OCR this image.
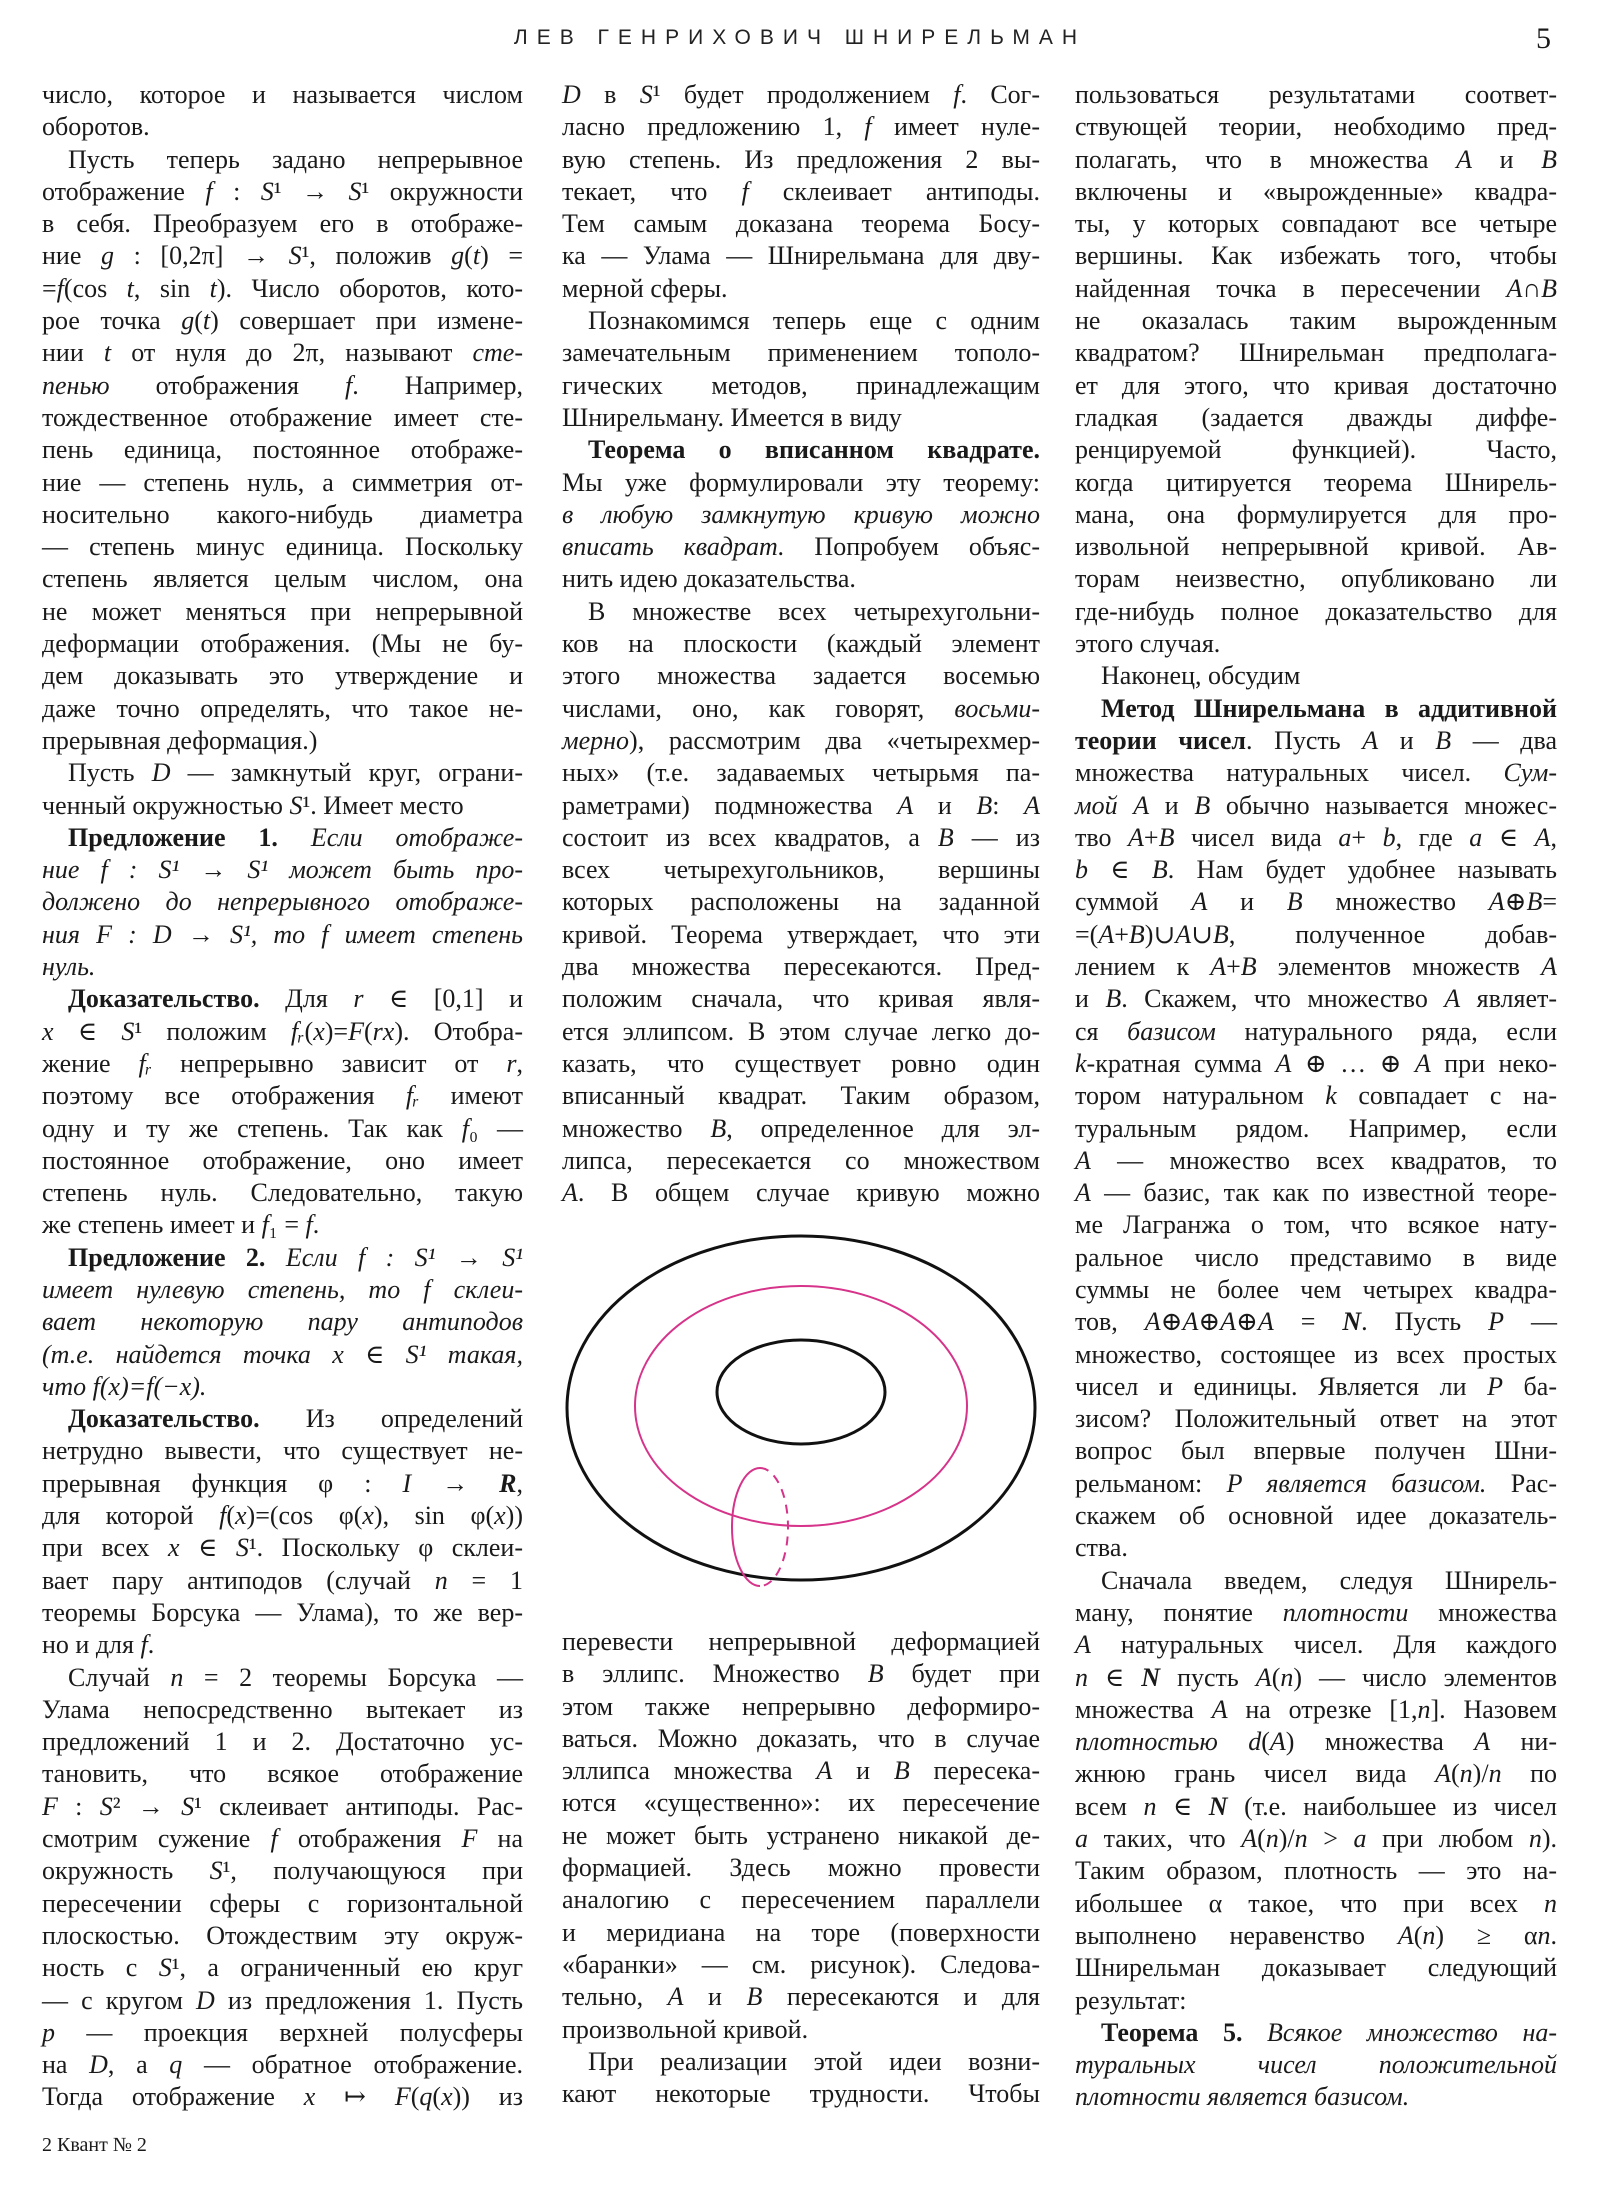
ЛЕВ ГЕНРИХОВИЧ ШНИРЕЛЬМАН	5
число, которое и называется числом
оборотов.
Пусть теперь задано непрерывное
отображение f : S¹ → S¹ окружности
в себя. Преобразуем его в отображе-
ние g : [0,2π] → S¹, положив g(t) =
=f(cos t, sin t). Число оборотов, кото-
рое точка g(t) совершает при измене-
нии t от нуля до 2π, называют сте-
пенью отображения f. Например,
тождественное отображение имеет сте-
пень единица, постоянное отображе-
ние — степень нуль, а симметрия от-
носительно какого-нибудь диаметра
— степень минус единица. Поскольку
степень является целым числом, она
не может меняться при непрерывной
деформации отображения. (Мы не бу-
дем доказывать это утверждение и
даже точно определять, что такое не-
прерывная деформация.)
Пусть D — замкнутый круг, ограни-
ченный окружностью S¹. Имеет место
Предложение 1. Если отображе-
ние f : S¹ → S¹ может быть про-
должено до непрерывного отображе-
ния F : D → S¹, то f имеет степень
нуль.
Доказательство. Для r ∈ [0,1] и
x ∈ S¹ положим fᵣ(x)=F(rx). Отобра-
жение fᵣ непрерывно зависит от r,
поэтому все отображения fᵣ имеют
одну и ту же степень. Так как f₀ —
постоянное отображение, оно имеет
степень нуль. Следовательно, такую
же степень имеет и f₁ = f.
Предложение 2. Если f : S¹ → S¹
имеет нулевую степень, то f склеи-
вает некоторую пару антиподов
(т.е. найдется точка x ∈ S¹ такая,
что f(x)=f(−x).
Доказательство. Из определений
нетрудно вывести, что существует не-
прерывная функция φ : I → R,
для которой f(x)=(cos φ(x), sin φ(x))
при всех x ∈ S¹. Поскольку φ склеи-
вает пару антиподов (случай n = 1
теоремы Борсука — Улама), то же вер-
но и для f.
Случай n = 2 теоремы Борсука —
Улама непосредственно вытекает из
предложений 1 и 2. Достаточно ус-
тановить, что всякое отображение
F : S² → S¹ склеивает антиподы. Рас-
смотрим сужение f отображения F на
окружность S¹, получающуюся при
пересечении сферы с горизонтальной
плоскостью. Отождествим эту окруж-
ность с S¹, а ограниченный ею круг
— с кругом D из предложения 1. Пусть
p — проекция верхней полусферы
на D, а q — обратное отображение.
Тогда отображение x ↦ F(q(x)) из
D в S¹ будет продолжением f. Сог-
ласно предложению 1, f имеет нуле-
вую степень. Из предложения 2 вы-
текает, что f склеивает антиподы.
Тем самым доказана теорема Босу-
ка — Улама — Шнирельмана для дву-
мерной сферы.
Познакомимся теперь еще с одним
замечательным применением тополо-
гических методов, принадлежащим
Шнирельману. Имеется в виду
Теорема о вписанном квадрате.
Мы уже формулировали эту теорему:
в любую замкнутую кривую можно
вписать квадрат. Попробуем объяс-
нить идею доказательства.
В множестве всех четырехугольни-
ков на плоскости (каждый элемент
этого множества задается восемью
числами, оно, как говорят, восьми-
мерно), рассмотрим два «четырехмер-
ных» (т.е. задаваемых четырьмя па-
раметрами) подмножества A и B: A
состоит из всех квадратов, а B — из
всех четырехугольников, вершины
которых расположены на заданной
кривой. Теорема утверждает, что эти
два множества пересекаются. Пред-
положим сначала, что кривая явля-
ется эллипсом. В этом случае легко до-
казать, что существует ровно один
вписанный квадрат. Таким образом,
множество B, определенное для эл-
липса, пересекается со множеством
A. В общем случае кривую можно
перевести непрерывной деформацией
в эллипс. Множество B будет при
этом также непрерывно деформиро-
ваться. Можно доказать, что в случае
эллипса множества A и B пересека-
ются «существенно»: их пересечение
не может быть устранено никакой де-
формацией. Здесь можно провести
аналогию с пересечением параллели
и меридиана на торе (поверхности
«баранки» — см. рисунок). Следова-
тельно, A и B пересекаются и для
произвольной кривой.
При реализации этой идеи возни-
кают некоторые трудности. Чтобы
пользоваться результатами соответ-
ствующей теории, необходимо пред-
полагать, что в множества A и B
включены и «вырожденные» квадра-
ты, у которых совпадают все четыре
вершины. Как избежать того, чтобы
найденная точка в пересечении A∩B
не оказалась таким вырожденным
квадратом? Шнирельман предполага-
ет для этого, что кривая достаточно
гладкая (задается дважды диффе-
ренцируемой функцией). Часто,
когда цитируется теорема Шнирель-
мана, она формулируется для про-
извольной непрерывной кривой. Ав-
торам неизвестно, опубликовано ли
где-нибудь полное доказательство для
этого случая.
Наконец, обсудим
Метод Шнирельмана в аддитивной
теории чисел. Пусть A и B — два
множества натуральных чисел. Сум-
мой A и B обычно называется множес-
тво A+B чисел вида a+ b, где a ∈ A,
b ∈ B. Нам будет удобнее называть
суммой A и B множество A⊕B=
=(A+B)∪A∪B, полученное добав-
лением к A+B элементов множеств A
и B. Скажем, что множество A являет-
ся базисом натурального ряда, если
k-кратная сумма A ⊕ … ⊕ A при неко-
тором натуральном k совпадает с на-
туральным рядом. Например, если
A — множество всех квадратов, то
A — базис, так как по известной теоре-
ме Лагранжа о том, что всякое нату-
ральное число представимо в виде
суммы не более чем четырех квадра-
тов, A⊕A⊕A⊕A = N. Пусть P —
множество, состоящее из всех простых
чисел и единицы. Является ли P ба-
зисом? Положительный ответ на этот
вопрос был впервые получен Шни-
рельманом: P является базисом. Рас-
скажем об основной идее доказатель-
ства.
Сначала введем, следуя Шнирель-
ману, понятие плотности множества
A натуральных чисел. Для каждого
n ∈ N пусть A(n) — число элементов
множества A на отрезке [1,n]. Назовем
плотностью d(A) множества A ни-
жнюю грань чисел вида A(n)/n по
всем n ∈ N (т.е. наибольшее из чисел
a таких, что A(n)/n > a при любом n).
Таким образом, плотность — это на-
ибольшее α такое, что при всех n
выполнено неравенство A(n) ≥ αn.
Шнирельман доказывает следующий
результат:
Теорема 5. Всякое множество на-
туральных чисел положительной
плотности является базисом.
2 Квант № 2
